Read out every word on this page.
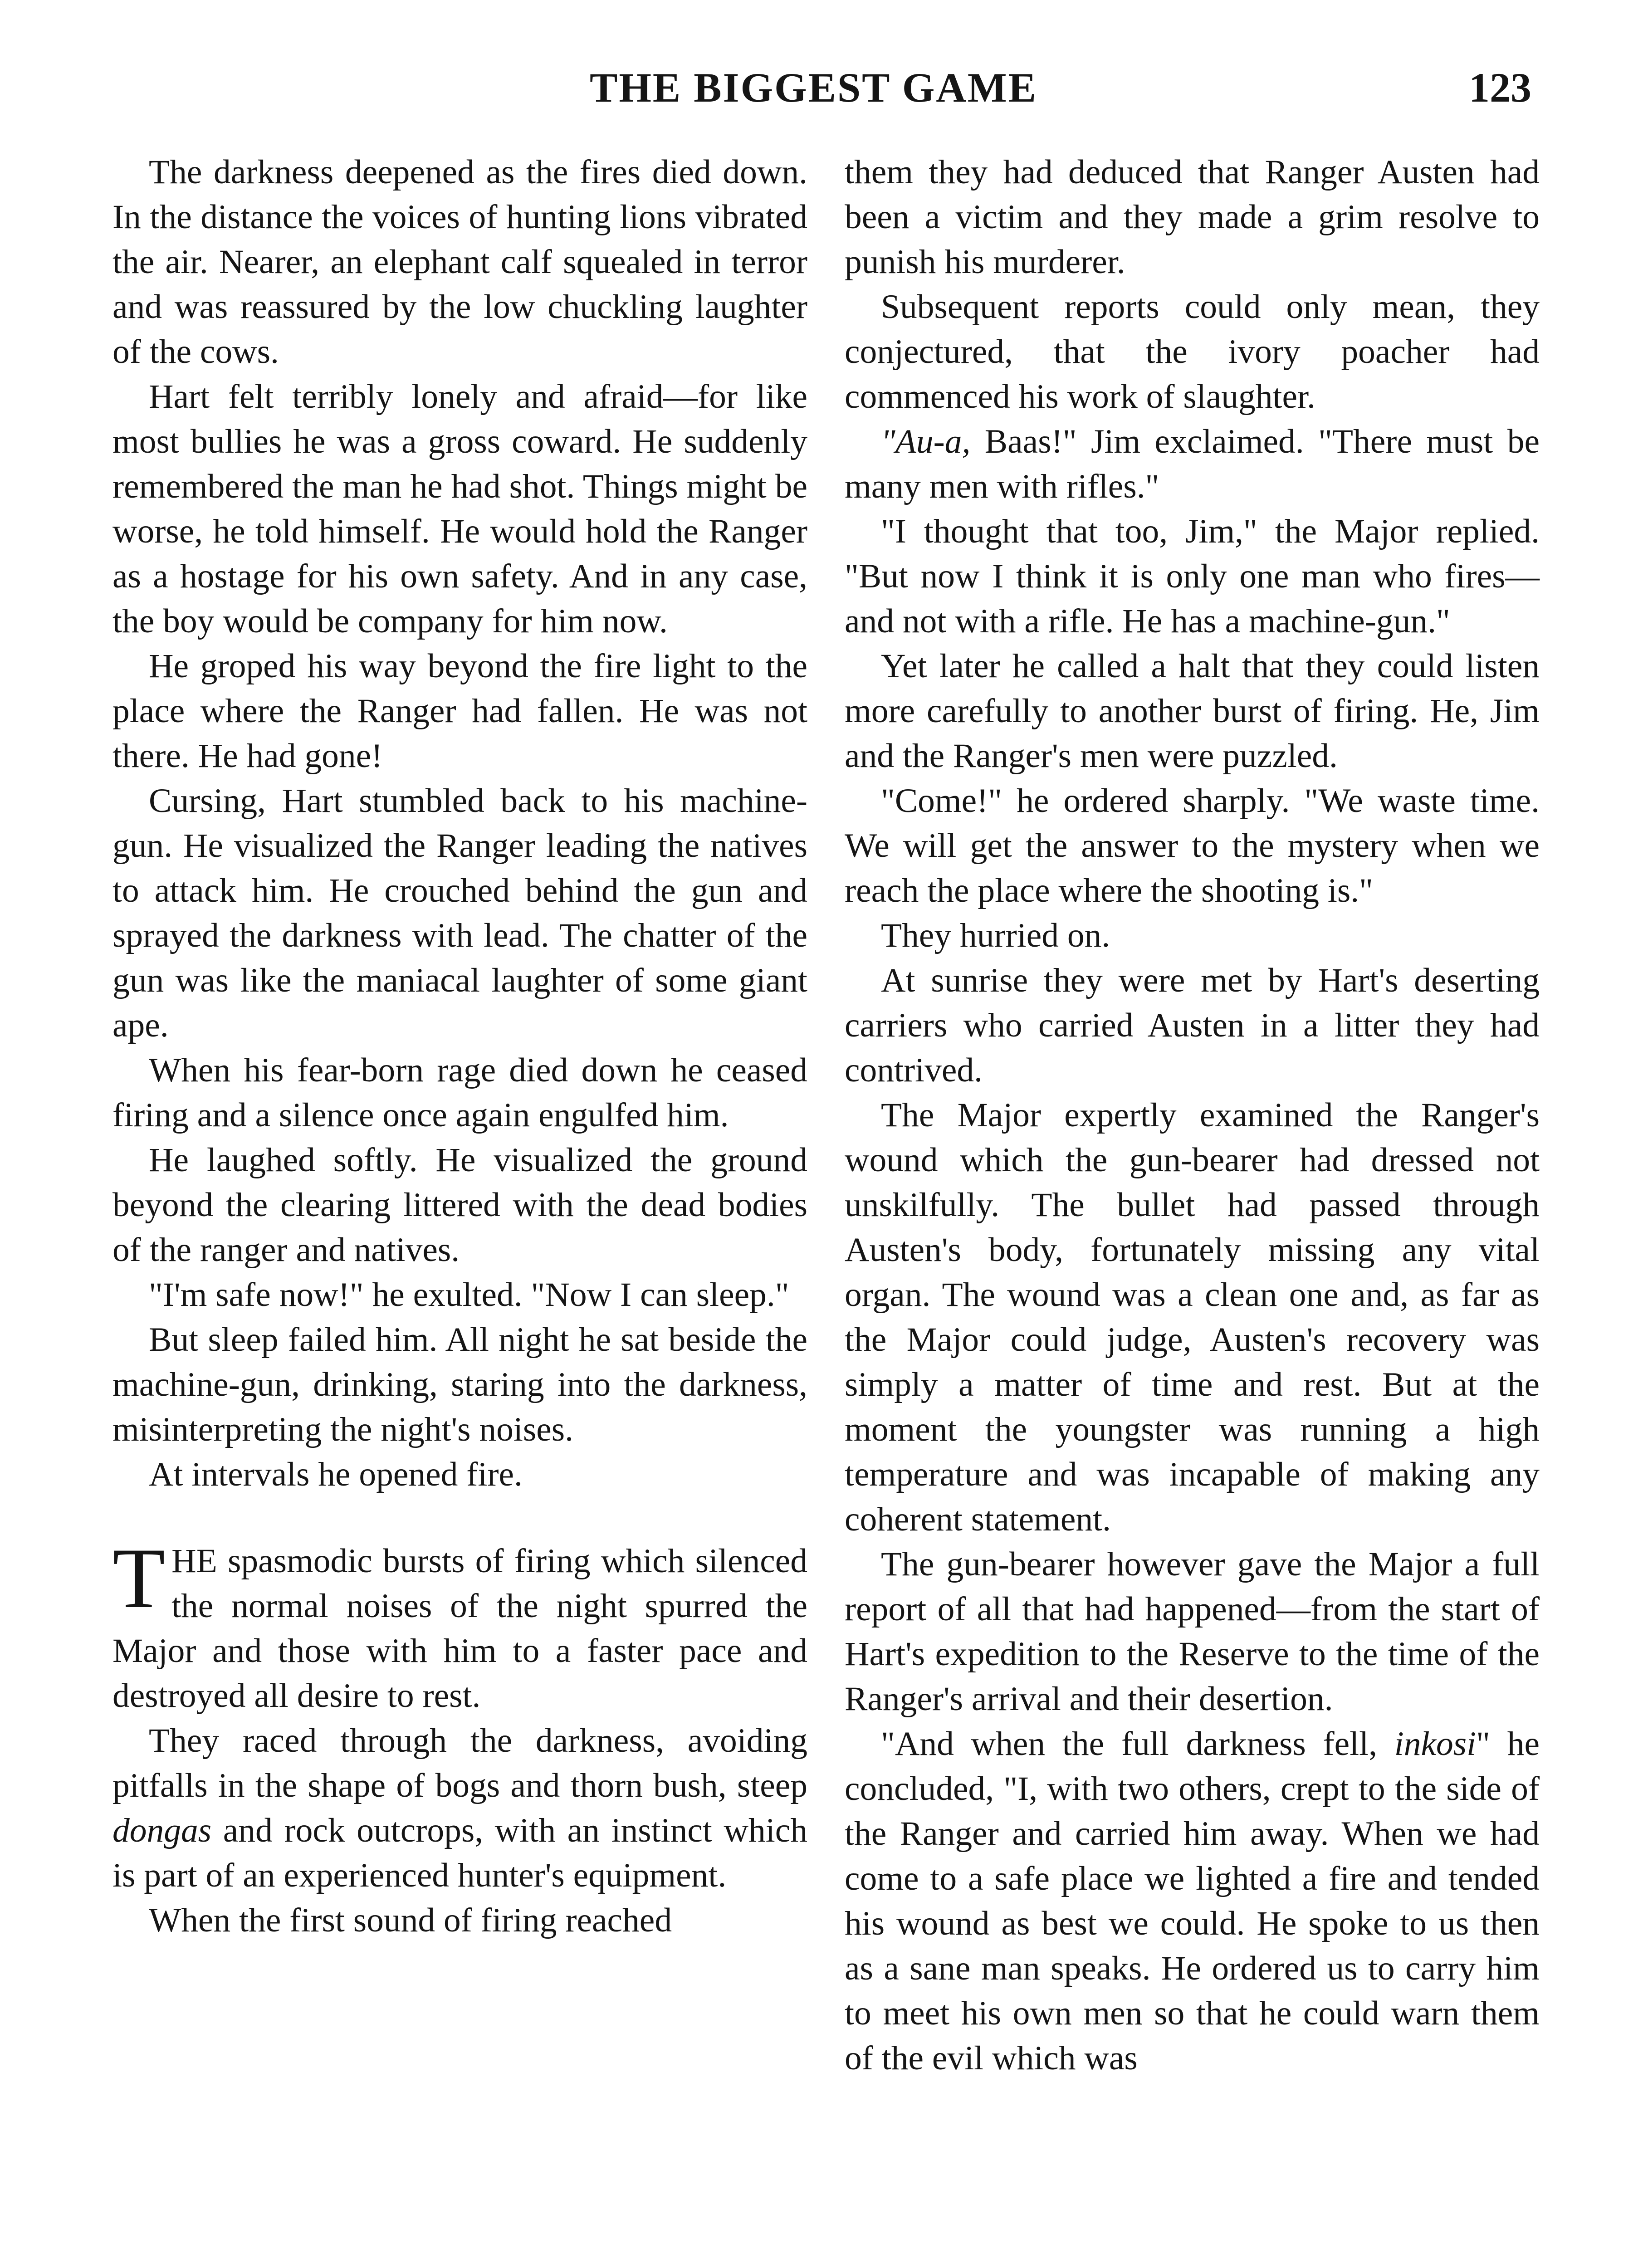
THE BIGGEST GAME	123

The darkness deepened as the fires died down. In the distance the voices of hunting lions vibrated the air. Nearer, an elephant calf squealed in terror and was reassured by the low chuckling laughter of the cows.

Hart felt terribly lonely and afraid—for like most bullies he was a gross coward. He suddenly remembered the man he had shot. Things might be worse, he told himself. He would hold the Ranger as a hostage for his own safety. And in any case, the boy would be company for him now.

He groped his way beyond the fire light to the place where the Ranger had fallen. He was not there. He had gone!

Cursing, Hart stumbled back to his machine-gun. He visualized the Ranger leading the natives to attack him. He crouched behind the gun and sprayed the darkness with lead. The chatter of the gun was like the maniacal laughter of some giant ape.

When his fear-born rage died down he ceased firing and a silence once again engulfed him.

He laughed softly. He visualized the ground beyond the clearing littered with the dead bodies of the ranger and natives.

"I'm safe now!" he exulted. "Now I can sleep."

But sleep failed him. All night he sat beside the machine-gun, drinking, staring into the darkness, misinterpreting the night's noises.

At intervals he opened fire.

THE spasmodic bursts of firing which silenced the normal noises of the night spurred the Major and those with him to a faster pace and destroyed all desire to rest.

They raced through the darkness, avoiding pitfalls in the shape of bogs and thorn bush, steep dongas and rock outcrops, with an instinct which is part of an experienced hunter's equipment.

When the first sound of firing reached

them they had deduced that Ranger Austen had been a victim and they made a grim resolve to punish his murderer.

Subsequent reports could only mean, they conjectured, that the ivory poacher had commenced his work of slaughter.

"Au-a, Baas!" Jim exclaimed. "There must be many men with rifles."

"I thought that too, Jim," the Major replied. "But now I think it is only one man who fires—and not with a rifle. He has a machine-gun."

Yet later he called a halt that they could listen more carefully to another burst of firing. He, Jim and the Ranger's men were puzzled.

"Come!" he ordered sharply. "We waste time. We will get the answer to the mystery when we reach the place where the shooting is."

They hurried on.

At sunrise they were met by Hart's deserting carriers who carried Austen in a litter they had contrived.

The Major expertly examined the Ranger's wound which the gun-bearer had dressed not unskilfully. The bullet had passed through Austen's body, fortunately missing any vital organ. The wound was a clean one and, as far as the Major could judge, Austen's recovery was simply a matter of time and rest. But at the moment the youngster was running a high temperature and was incapable of making any coherent statement.

The gun-bearer however gave the Major a full report of all that had happened—from the start of Hart's expedition to the Reserve to the time of the Ranger's arrival and their desertion.

"And when the full darkness fell, inkosi" he concluded, "I, with two others, crept to the side of the Ranger and carried him away. When we had come to a safe place we lighted a fire and tended his wound as best we could. He spoke to us then as a sane man speaks. He ordered us to carry him to meet his own men so that he could warn them of the evil which was
